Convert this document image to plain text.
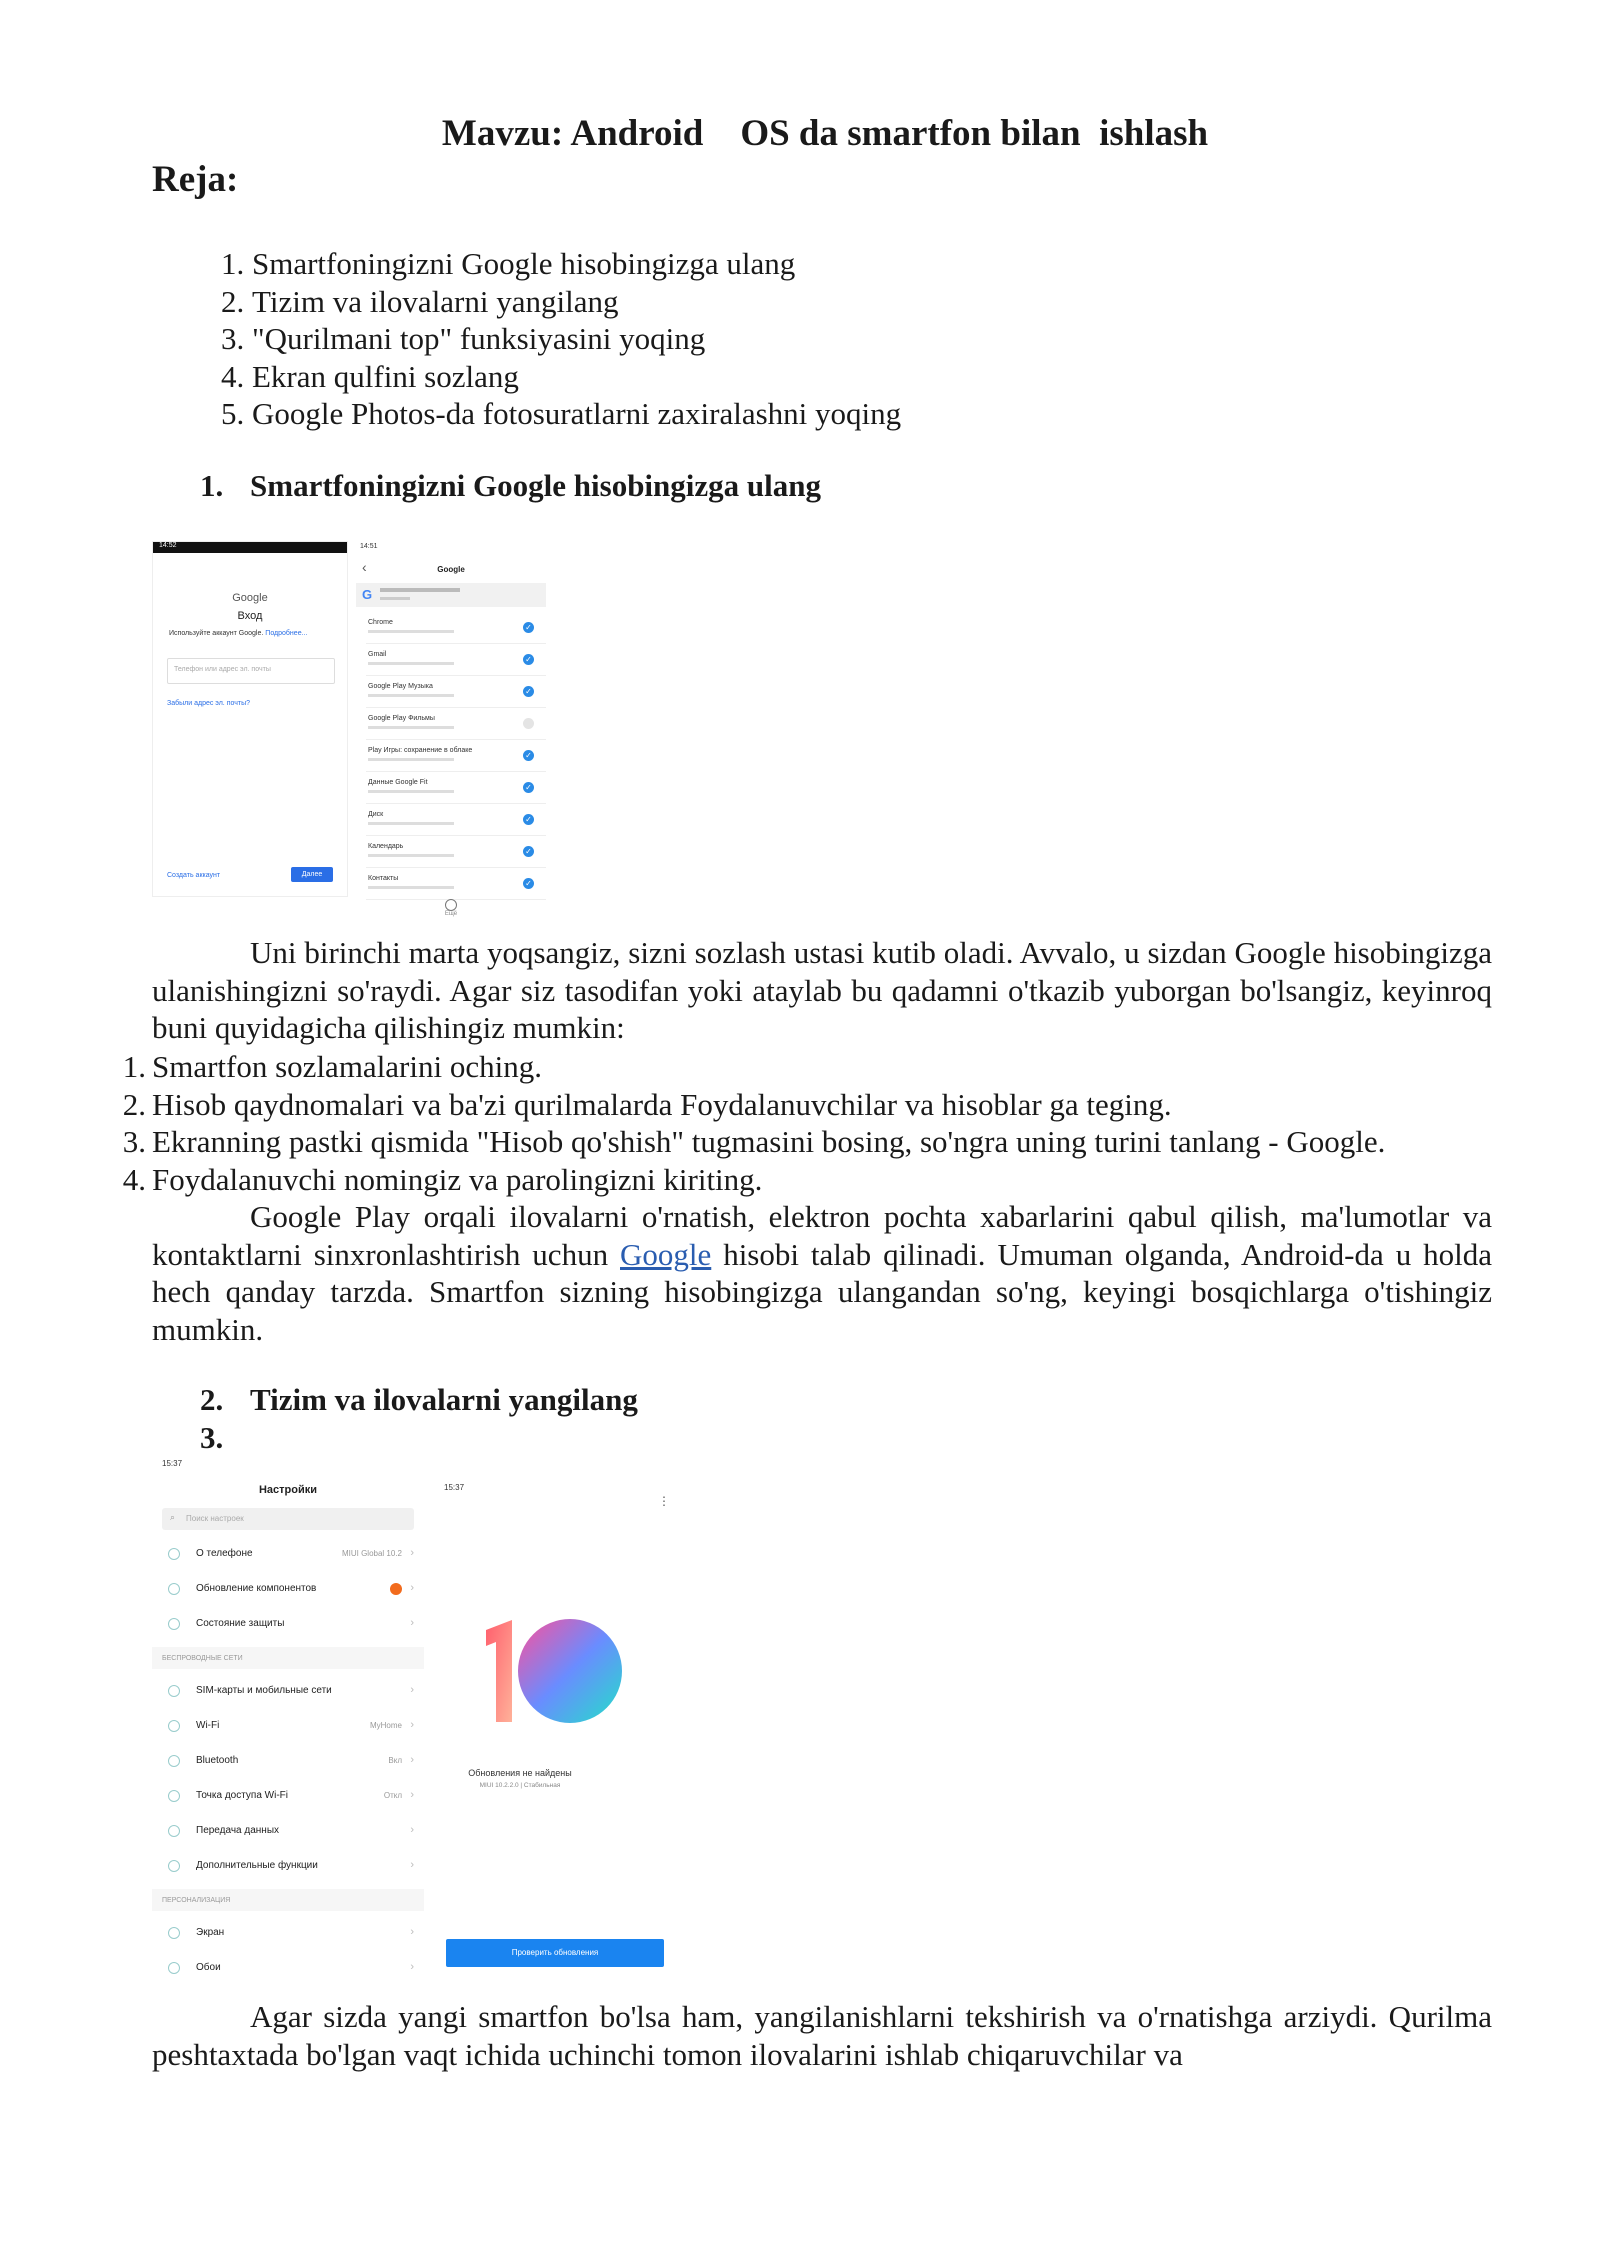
Mavzu: Android    OS da smartfon bilan  ishlash
Reja:
1. Smartfoningizni Google hisobingizga ulang
2. Tizim va ilovalarni yangilang
3. "Qurilmani top" funksiyasini yoqing
4. Ekran qulfini sozlang
5. Google Photos-da fotosuratlarni zaxiralashni yoqing
1. Smartfoningizni Google hisobingizga ulang
14:52
Google
Вход
Используйте аккаунт Google. Подробнее...
Телефон или адрес эл. почты
Забыли адрес эл. почты?
Создать аккаунт	Далее
14:51
‹	Google
G
Chrome
✓
Gmail
✓
Google Play Музыка
✓
Google Play Фильмы
Play Игры: сохранение в облаке
✓
Данные Google Fit
✓
Диск
✓
Календарь
✓
Контакты
✓
Ещё

Uni birinchi marta yoqsangiz, sizni sozlash ustasi kutib oladi. Avvalo, u sizdan Google hisobingizga ulanishingizni so'raydi. Agar siz tasodifan yoki ataylab bu qadamni o'tkazib yuborgan bo'lsangiz, keyinroq buni quyidagicha qilishingiz mumkin:

1. Smartfon sozlamalarini oching.
2. Hisob qaydnomalari va ba'zi qurilmalarda Foydalanuvchilar va hisoblar ga teging.
3. Ekranning pastki qismida "Hisob qo'shish" tugmasini bosing, so'ngra uning turini tanlang - Google.
4. Foydalanuvchi nomingiz va parolingizni kiriting.

Google Play orqali ilovalarni o'rnatish, elektron pochta xabarlarini qabul qilish, ma'lumotlar va kontaktlarni sinxronlashtirish uchun Google hisobi talab qilinadi. Umuman olganda, Android-da u holda hech qanday tarzda. Smartfon sizning hisobingizga ulangandan so'ng, keyingi bosqichlarga o'tishingiz mumkin.

2. Tizim va ilovalarni yangilang
3.
15:37
Настройки
⌕ Поиск настроек
О телефоне	MIUI Global 10.2 ›
Обновление компонентов	›
Состояние защиты	›
БЕСПРОВОДНЫЕ СЕТИ
SIM-карты и мобильные сети	›
Wi-Fi	MyHome ›
Bluetooth	Вкл ›
Точка доступа Wi-Fi	Откл ›
Передача данных	›
Дополнительные функции	›
ПЕРСОНАЛИЗАЦИЯ
Экран	›
Обои	›
15:37
⋮
Обновления не найдены
MIUI 10.2.2.0 | Стабильная
Проверить обновления

Agar sizda yangi smartfon bo'lsa ham, yangilanishlarni tekshirish va o'rnatishga arziydi. Qurilma peshtaxtada bo'lgan vaqt ichida uchinchi tomon ilovalarini ishlab chiqaruvchilar va
